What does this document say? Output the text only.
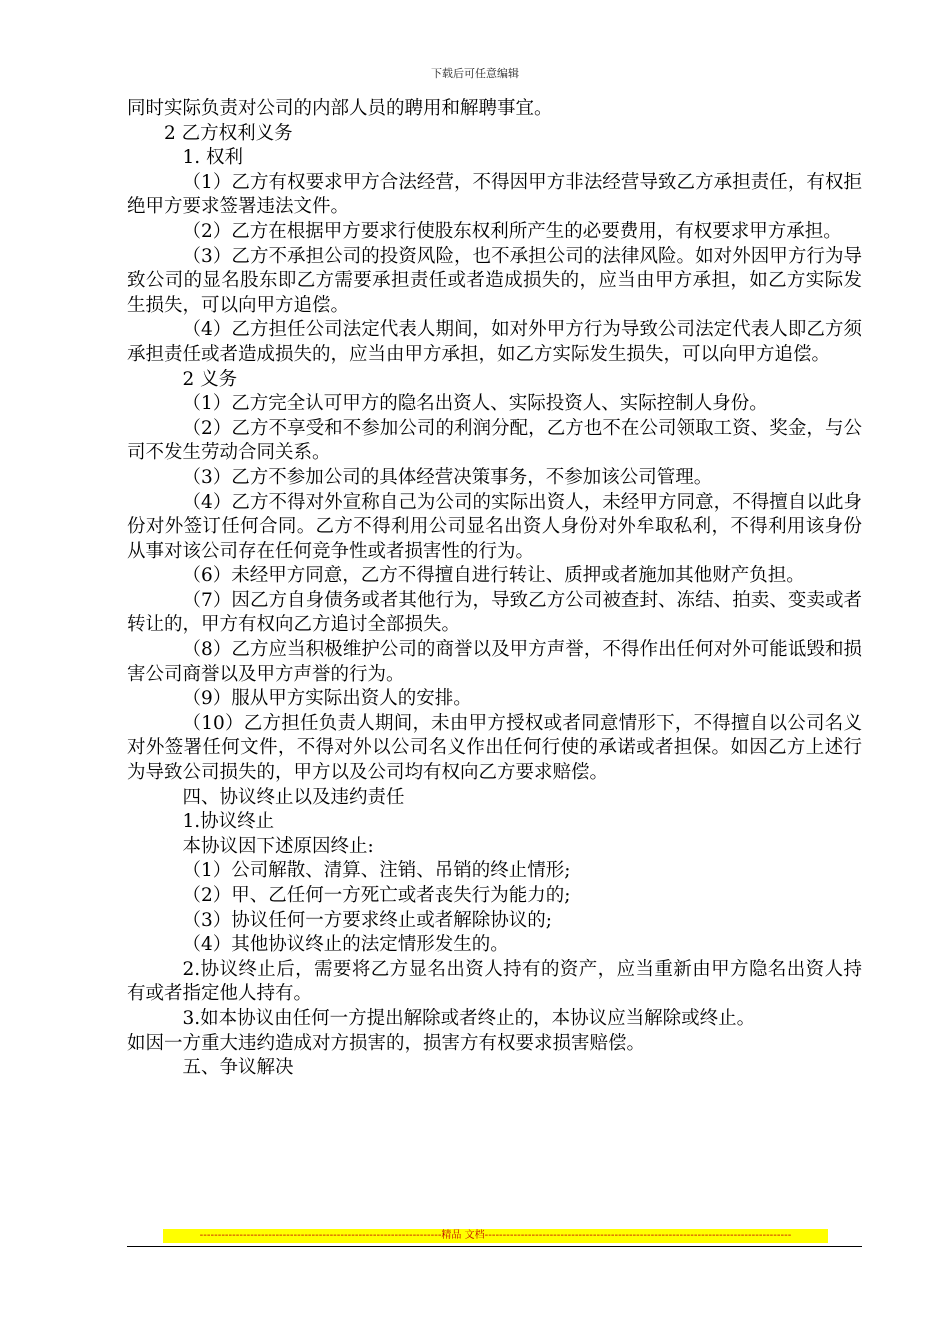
下载后可任意编辑

同时实际负责对公司的内部人员的聘用和解聘事宜。

2 乙方权利义务

1. 权利

（1）乙方有权要求甲方合法经营，不得因甲方非法经营导致乙方承担责任，有权拒绝甲方要求签署违法文件。

（2）乙方在根据甲方要求行使股东权利所产生的必要费用，有权要求甲方承担。

（3）乙方不承担公司的投资风险，也不承担公司的法律风险。如对外因甲方行为导致公司的显名股东即乙方需要承担责任或者造成损失的，应当由甲方承担，如乙方实际发生损失，可以向甲方追偿。

（4）乙方担任公司法定代表人期间，如对外甲方行为导致公司法定代表人即乙方须承担责任或者造成损失的，应当由甲方承担，如乙方实际发生损失，可以向甲方追偿。

2 义务

（1）乙方完全认可甲方的隐名出资人、实际投资人、实际控制人身份。

（2）乙方不享受和不参加公司的利润分配，乙方也不在公司领取工资、奖金，与公司不发生劳动合同关系。

（3）乙方不参加公司的具体经营决策事务，不参加该公司管理。

（4）乙方不得对外宣称自己为公司的实际出资人，未经甲方同意，不得擅自以此身份对外签订任何合同。乙方不得利用公司显名出资人身份对外牟取私利，不得利用该身份从事对该公司存在任何竞争性或者损害性的行为。

（6）未经甲方同意，乙方不得擅自进行转让、质押或者施加其他财产负担。

（7）因乙方自身债务或者其他行为，导致乙方公司被查封、冻结、拍卖、变卖或者转让的，甲方有权向乙方追讨全部损失。

（8）乙方应当积极维护公司的商誉以及甲方声誉，不得作出任何对外可能诋毁和损害公司商誉以及甲方声誉的行为。

（9）服从甲方实际出资人的安排。

（10）乙方担任负责人期间，未由甲方授权或者同意情形下，不得擅自以公司名义对外签署任何文件，不得对外以公司名义作出任何行使的承诺或者担保。如因乙方上述行为导致公司损失的，甲方以及公司均有权向乙方要求赔偿。

四、协议终止以及违约责任

1.协议终止

本协议因下述原因终止:

（1）公司解散、清算、注销、吊销的终止情形;

（2）甲、乙任何一方死亡或者丧失行为能力的;

（3）协议任何一方要求终止或者解除协议的;

（4）其他协议终止的法定情形发生的。

2.协议终止后，需要将乙方显名出资人持有的资产，应当重新由甲方隐名出资人持有或者指定他人持有。

3.如本协议由任何一方提出解除或者终止的，本协议应当解除或终止。

如因一方重大违约造成对方损害的，损害方有权要求损害赔偿。

五、争议解决

-------------------------------------------------------------------精品 文档-------------------------------------------------------------------------------------
